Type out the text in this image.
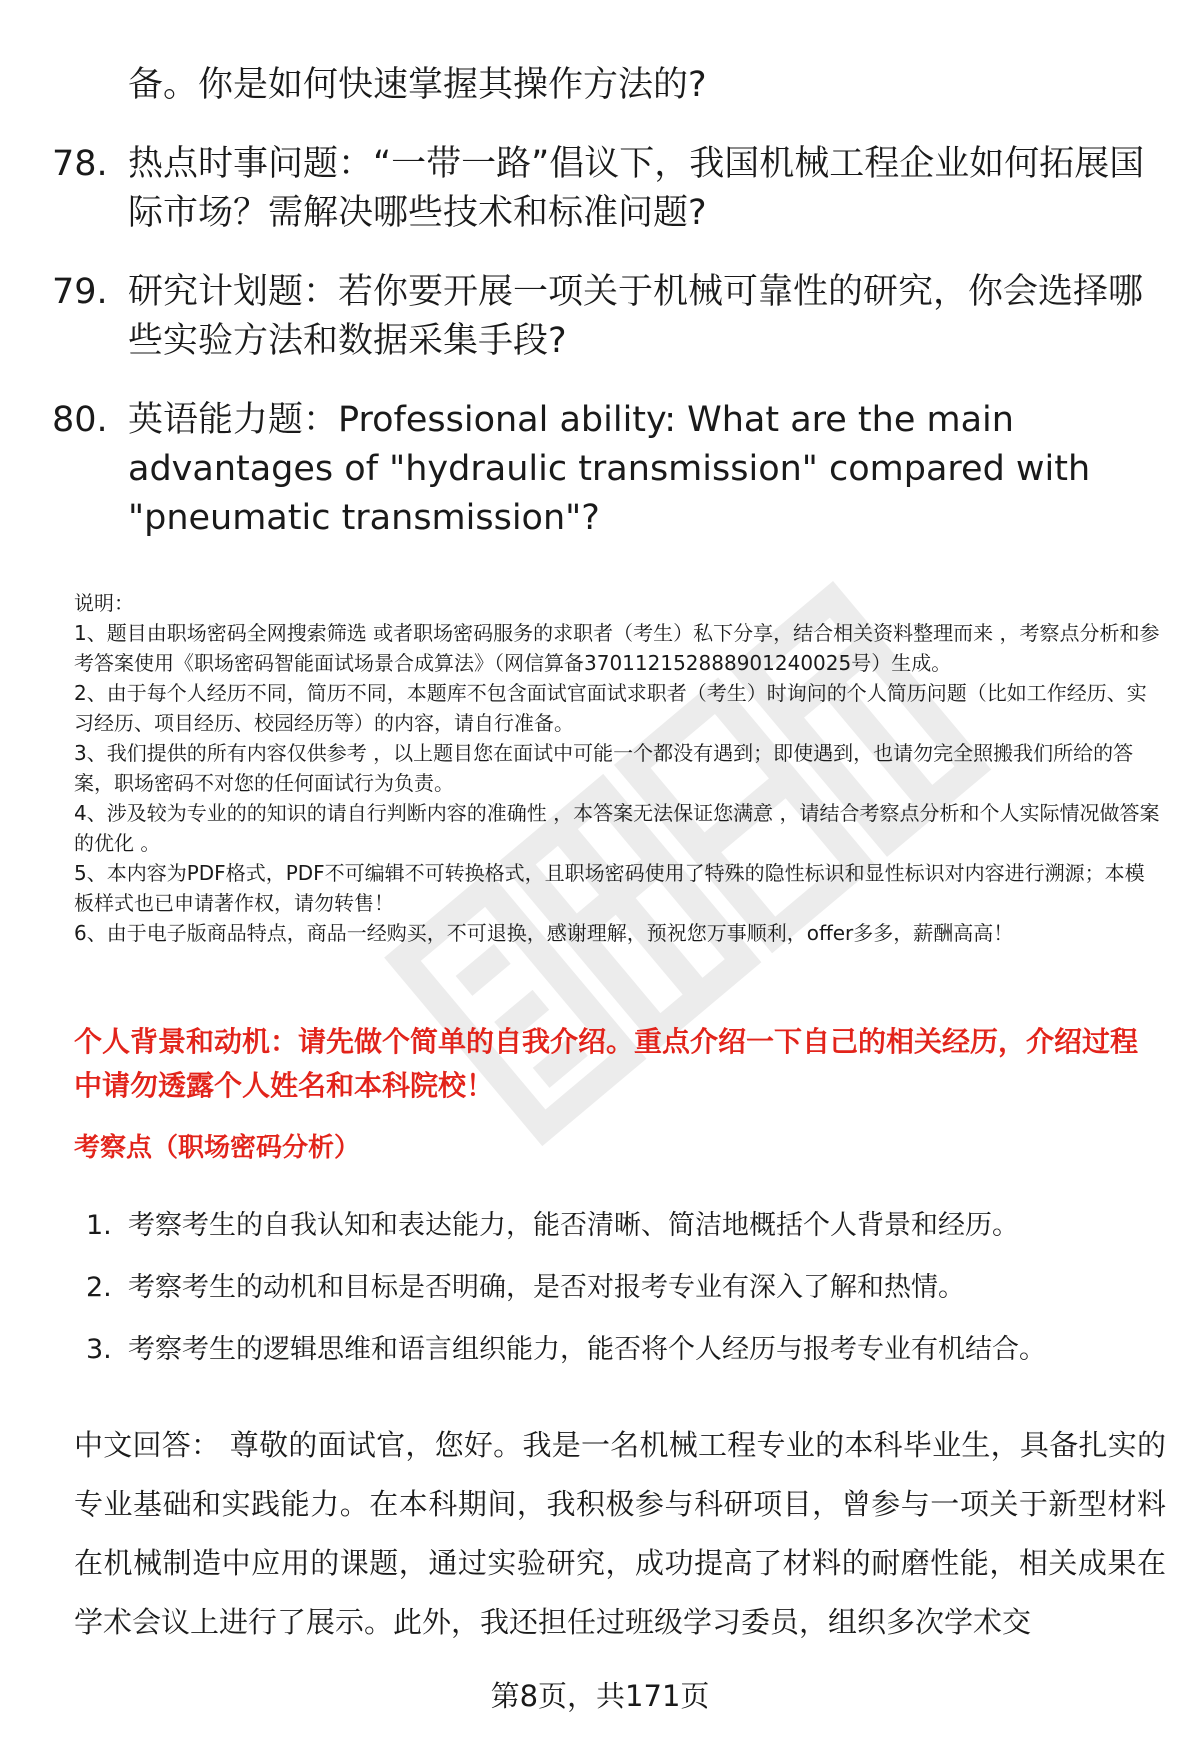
备。你是如何快速掌握其操作方法的?

78. 热点时事问题：“一带一路”倡议下，我国机械工程企业如何拓展国际市场？需解决哪些技术和标准问题?
79. 研究计划题：若你要开展一项关于机械可靠性的研究，你会选择哪些实验方法和数据采集手段?
80. 英语能力题：Professional ability: What are the main advantages of "hydraulic transmission" compared with "pneumatic transmission"?

说明：

1、题目由职场密码全网搜索筛选 或者职场密码服务的求职者（考生）私下分享，结合相关资料整理而来 ，考察点分析和参考答案使用《职场密码智能面试场景合成算法》（网信算备370112152888901240025号）生成。

2、由于每个人经历不同，简历不同，本题库不包含面试官面试求职者（考生）时询问的个人简历问题（比如工作经历、实习经历、项目经历、校园经历等）的内容，请自行准备。

3、我们提供的所有内容仅供参考 ，以上题目您在面试中可能一个都没有遇到；即使遇到，也请勿完全照搬我们所给的答案，职场密码不对您的任何面试行为负责。

4、涉及较为专业的的知识的请自行判断内容的准确性 ，本答案无法保证您满意 ，请结合考察点分析和个人实际情况做答案的优化 。

5、本内容为PDF格式，PDF不可编辑不可转换格式，且职场密码使用了特殊的隐性标识和显性标识对内容进行溯源；本模板样式也已申请著作权，请勿转售！

6、由于电子版商品特点，商品一经购买，不可退换，感谢理解，预祝您万事顺利，offer多多，薪酬高高！

个人背景和动机：请先做个简单的自我介绍。重点介绍一下自己的相关经历，介绍过程中请勿透露个人姓名和本科院校！

考察点（职场密码分析）

1. 考察考生的自我认知和表达能力，能否清晰、简洁地概括个人背景和经历。
2. 考察考生的动机和目标是否明确，是否对报考专业有深入了解和热情。
3. 考察考生的逻辑思维和语言组织能力，能否将个人经历与报考专业有机结合。

中文回答： 尊敬的面试官，您好。我是一名机械工程专业的本科毕业生，具备扎实的专业基础和实践能力。在本科期间，我积极参与科研项目，曾参与一项关于新型材料在机械制造中应用的课题，通过实验研究，成功提高了材料的耐磨性能，相关成果在学术会议上进行了展示。此外，我还担任过班级学习委员，组织多次学术交

第8页，共171页
